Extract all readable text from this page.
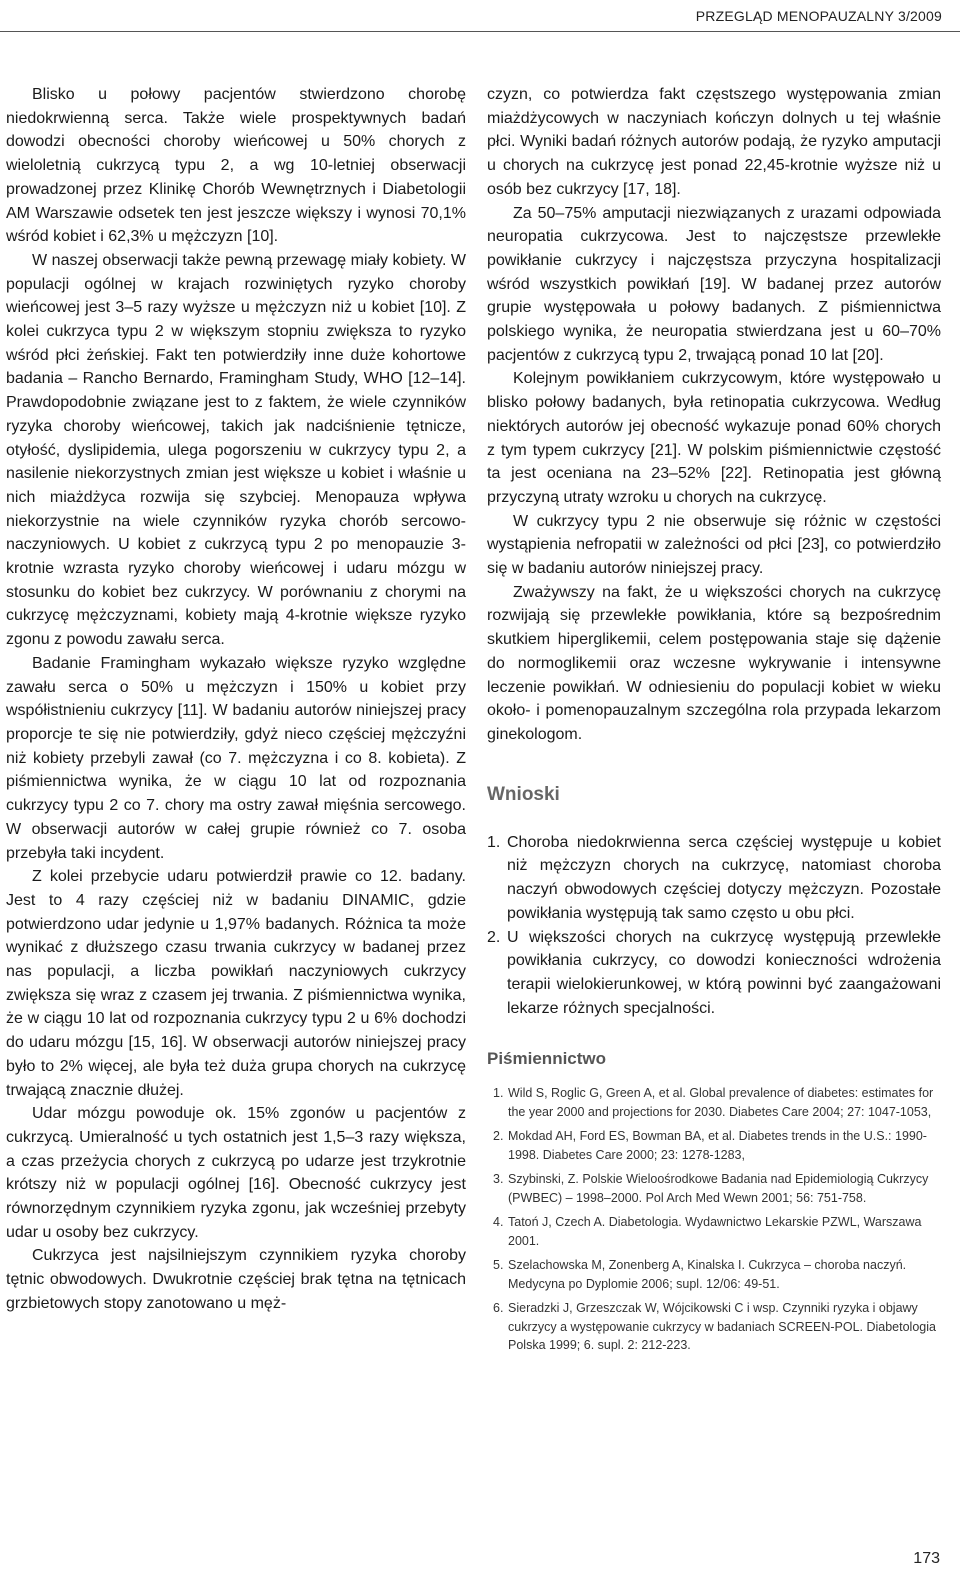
PRZEGLĄD MENOPAUZALNY 3/2009

Blisko u połowy pacjentów stwierdzono chorobę niedokrwienną serca. Także wiele prospektywnych badań dowodzi obecności choroby wieńcowej u 50% chorych z wieloletnią cukrzycą typu 2, a wg 10-letniej obserwacji prowadzonej przez Klinikę Chorób Wewnętrznych i Diabetologii AM Warszawie odsetek ten jest jeszcze większy i wynosi 70,1% wśród kobiet i 62,3% u mężczyzn [10].

W naszej obserwacji także pewną przewagę miały kobiety. W populacji ogólnej w krajach rozwiniętych ryzyko choroby wieńcowej jest 3–5 razy wyższe u mężczyzn niż u kobiet [10]. Z kolei cukrzyca typu 2 w większym stopniu zwiększa to ryzyko wśród płci żeńskiej. Fakt ten potwierdziły inne duże kohortowe badania – Rancho Bernardo, Framingham Study, WHO [12–14]. Prawdopodobnie związane jest to z faktem, że wiele czynników ryzyka choroby wieńcowej, takich jak nadciśnienie tętnicze, otyłość, dyslipidemia, ulega pogorszeniu w cukrzycy typu 2, a nasilenie niekorzystnych zmian jest większe u kobiet i właśnie u nich miażdżyca rozwija się szybciej. Menopauza wpływa niekorzystnie na wiele czynników ryzyka chorób sercowo-naczyniowych. U kobiet z cukrzycą typu 2 po menopauzie 3-krotnie wzrasta ryzyko choroby wieńcowej i udaru mózgu w stosunku do kobiet bez cukrzycy. W porównaniu z chorymi na cukrzycę mężczyznami, kobiety mają 4-krotnie większe ryzyko zgonu z powodu zawału serca.

Badanie Framingham wykazało większe ryzyko względne zawału serca o 50% u mężczyzn i 150% u kobiet przy współistnieniu cukrzycy [11]. W badaniu autorów niniejszej pracy proporcje te się nie potwierdziły, gdyż nieco częściej mężczyźni niż kobiety przebyli zawał (co 7. mężczyzna i co 8. kobieta). Z piśmiennictwa wynika, że w ciągu 10 lat od rozpoznania cukrzycy typu 2 co 7. chory ma ostry zawał mięśnia sercowego. W obserwacji autorów w całej grupie również co 7. osoba przebyła taki incydent.

Z kolei przebycie udaru potwierdził prawie co 12. badany. Jest to 4 razy częściej niż w badaniu DINAMIC, gdzie potwierdzono udar jedynie u 1,97% badanych. Różnica ta może wynikać z dłuższego czasu trwania cukrzycy w badanej przez nas populacji, a liczba powikłań naczyniowych cukrzycy zwiększa się wraz z czasem jej trwania. Z piśmiennictwa wynika, że w ciągu 10 lat od rozpoznania cukrzycy typu 2 u 6% dochodzi do udaru mózgu [15, 16]. W obserwacji autorów niniejszej pracy było to 2% więcej, ale była też duża grupa chorych na cukrzycę trwającą znacznie dłużej.

Udar mózgu powoduje ok. 15% zgonów u pacjentów z cukrzycą. Umieralność u tych ostatnich jest 1,5–3 razy większa, a czas przeżycia chorych z cukrzycą po udarze jest trzykrotnie krótszy niż w populacji ogólnej [16]. Obecność cukrzycy jest równorzędnym czynnikiem ryzyka zgonu, jak wcześniej przebyty udar u osoby bez cukrzycy.

Cukrzyca jest najsilniejszym czynnikiem ryzyka choroby tętnic obwodowych. Dwukrotnie częściej brak tętna na tętnicach grzbietowych stopy zanotowano u męż-

czyzn, co potwierdza fakt częstszego występowania zmian miażdżycowych w naczyniach kończyn dolnych u tej właśnie płci. Wyniki badań różnych autorów podają, że ryzyko amputacji u chorych na cukrzycę jest ponad 22,45-krotnie wyższe niż u osób bez cukrzycy [17, 18].

Za 50–75% amputacji niezwiązanych z urazami odpowiada neuropatia cukrzycowa. Jest to najczęstsze przewlekłe powikłanie cukrzycy i najczęstsza przyczyna hospitalizacji wśród wszystkich powikłań [19]. W badanej przez autorów grupie występowała u połowy badanych. Z piśmiennictwa polskiego wynika, że neuropatia stwierdzana jest u 60–70% pacjentów z cukrzycą typu 2, trwającą ponad 10 lat [20].

Kolejnym powikłaniem cukrzycowym, które występowało u blisko połowy badanych, była retinopatia cukrzycowa. Według niektórych autorów jej obecność wykazuje ponad 60% chorych z tym typem cukrzycy [21]. W polskim piśmiennictwie częstość ta jest oceniana na 23–52% [22]. Retinopatia jest główną przyczyną utraty wzroku u chorych na cukrzycę.

W cukrzycy typu 2 nie obserwuje się różnic w częstości wystąpienia nefropatii w zależności od płci [23], co potwierdziło się w badaniu autorów niniejszej pracy.

Zważywszy na fakt, że u większości chorych na cukrzycę rozwijają się przewlekłe powikłania, które są bezpośrednim skutkiem hiperglikemii, celem postępowania staje się dążenie do normoglikemii oraz wczesne wykrywanie i intensywne leczenie powikłań. W odniesieniu do populacji kobiet w wieku około- i pomenopauzalnym szczególna rola przypada lekarzom ginekologom.

Wnioski
1. Choroba niedokrwienna serca częściej występuje u kobiet niż mężczyzn chorych na cukrzycę, natomiast choroba naczyń obwodowych częściej dotyczy mężczyzn. Pozostałe powikłania występują tak samo często u obu płci.
2. U większości chorych na cukrzycę występują przewlekłe powikłania cukrzycy, co dowodzi konieczności wdrożenia terapii wielokierunkowej, w którą powinni być zaangażowani lekarze różnych specjalności.
Piśmiennictwo
1. Wild S, Roglic G, Green A, et al. Global prevalence of diabetes: estimates for the year 2000 and projections for 2030. Diabetes Care 2004; 27: 1047-1053,
2. Mokdad AH, Ford ES, Bowman BA, et al. Diabetes trends in the U.S.: 1990-1998. Diabetes Care 2000; 23: 1278-1283,
3. Szybinski, Z. Polskie Wieloośrodkowe Badania nad Epidemiologią Cukrzycy (PWBEC) – 1998–2000. Pol Arch Med Wewn 2001; 56: 751-758.
4. Tatoń J, Czech A. Diabetologia. Wydawnictwo Lekarskie PZWL, Warszawa 2001.
5. Szelachowska M, Zonenberg A, Kinalska I. Cukrzyca – choroba naczyń. Medycyna po Dyplomie 2006; supl. 12/06: 49-51.
6. Sieradzki J, Grzeszczak W, Wójcikowski C i wsp. Czynniki ryzyka i objawy cukrzycy a występowanie cukrzycy w badaniach SCREEN-POL. Diabetologia Polska 1999; 6. supl. 2: 212-223.
173
